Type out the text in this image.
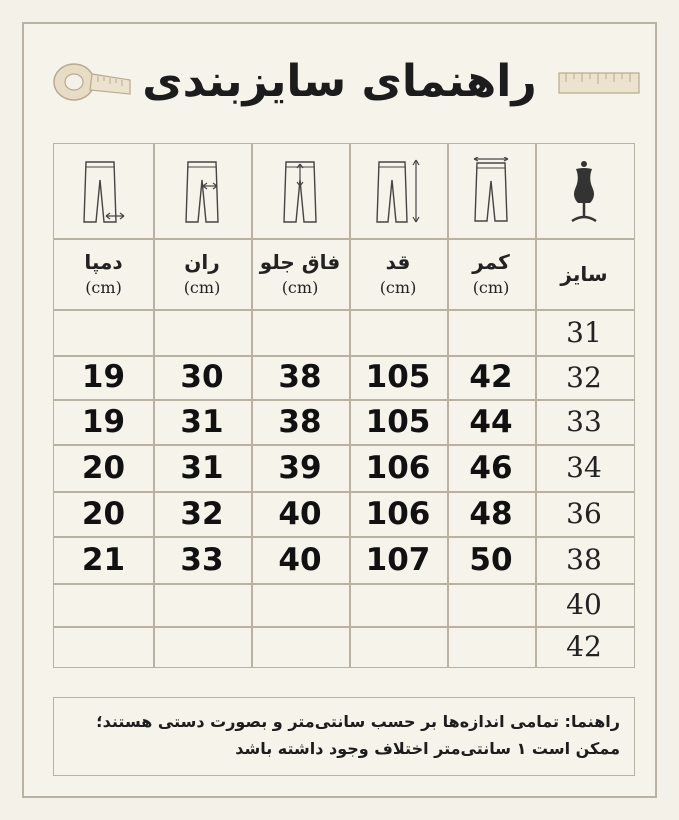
راهنمای سایزبندی
دمپا
(cm)
19
19
20
20
21
ران
(cm)
30
31
31
32
33
فاق جلو
(cm)
38
38
39
40
40
قد
(cm)
105
105
106
106
107
کمر
(cm)
42
44
46
48
50
سایز
31
32
33
34
36
38
40
42
راهنما: تمامی اندازه‌ها بر حسب سانتی‌متر و بصورت دستی هستند؛ممکن است ۱ سانتی‌متر اختلاف وجود داشته باشد
